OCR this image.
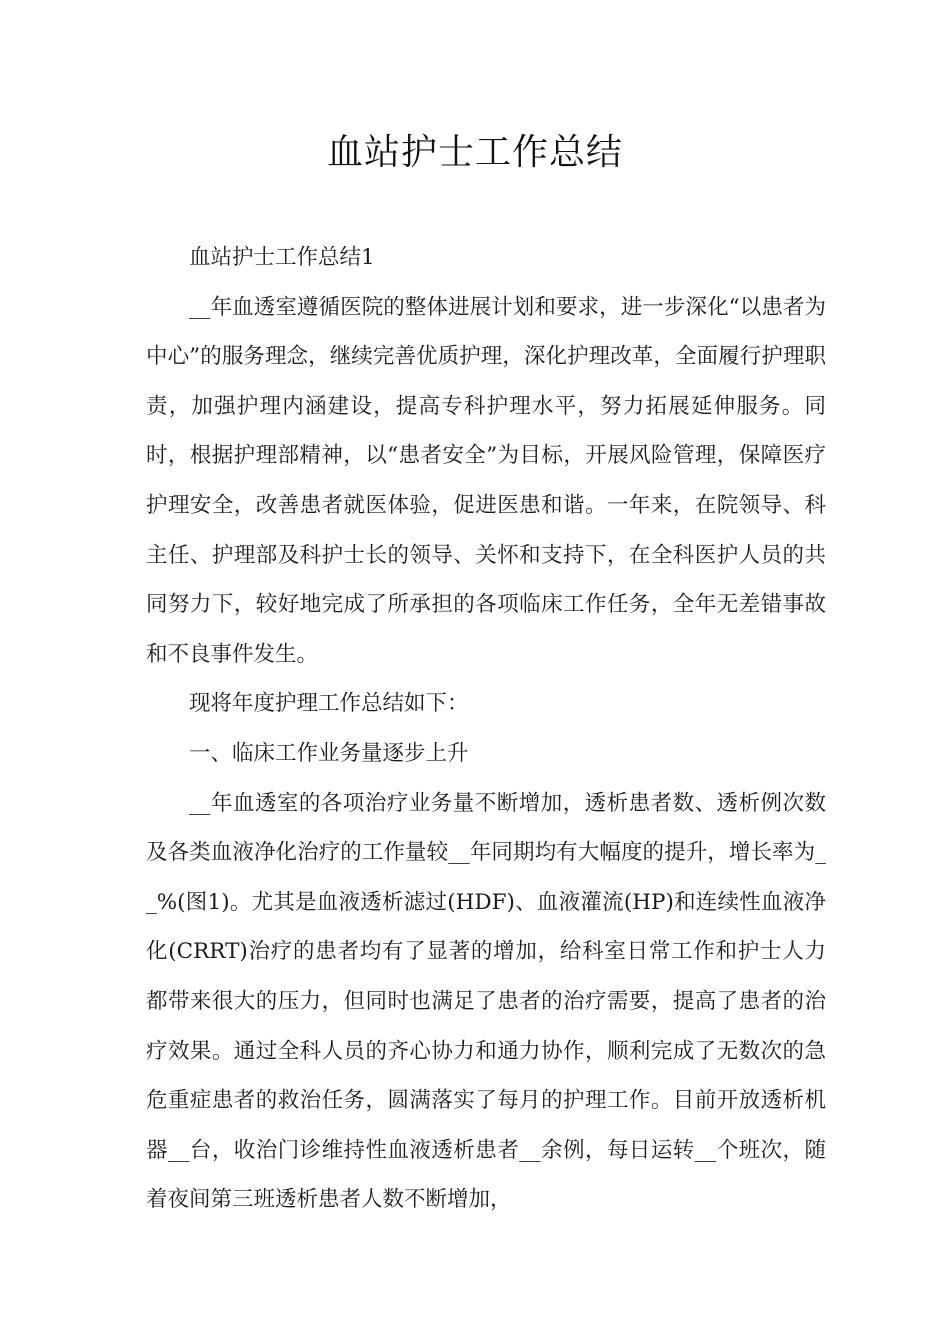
血站护士工作总结

血站护士工作总结1

__年血透室遵循医院的整体进展计划和要求，进一步深化“以患者为中心”的服务理念，继续完善优质护理，深化护理改革，全面履行护理职责，加强护理内涵建设，提高专科护理水平，努力拓展延伸服务。同时，根据护理部精神，以“患者安全”为目标，开展风险管理，保障医疗护理安全，改善患者就医体验，促进医患和谐。一年来，在院领导、科主任、护理部及科护士长的领导、关怀和支持下，在全科医护人员的共同努力下，较好地完成了所承担的各项临床工作任务，全年无差错事故和不良事件发生。

现将年度护理工作总结如下：

一、临床工作业务量逐步上升

__年血透室的各项治疗业务量不断增加，透析患者数、透析例次数及各类血液净化治疗的工作量较__年同期均有大幅度的提升，增长率为__%(图1)。尤其是血液透析滤过(HDF)、血液灌流(HP)和连续性血液净化(CRRT)治疗的患者均有了显著的增加，给科室日常工作和护士人力都带来很大的压力，但同时也满足了患者的治疗需要，提高了患者的治疗效果。通过全科人员的齐心协力和通力协作，顺利完成了无数次的急危重症患者的救治任务，圆满落实了每月的护理工作。目前开放透析机器__台，收治门诊维持性血液透析患者__余例，每日运转__个班次，随着夜间第三班透析患者人数不断增加，
